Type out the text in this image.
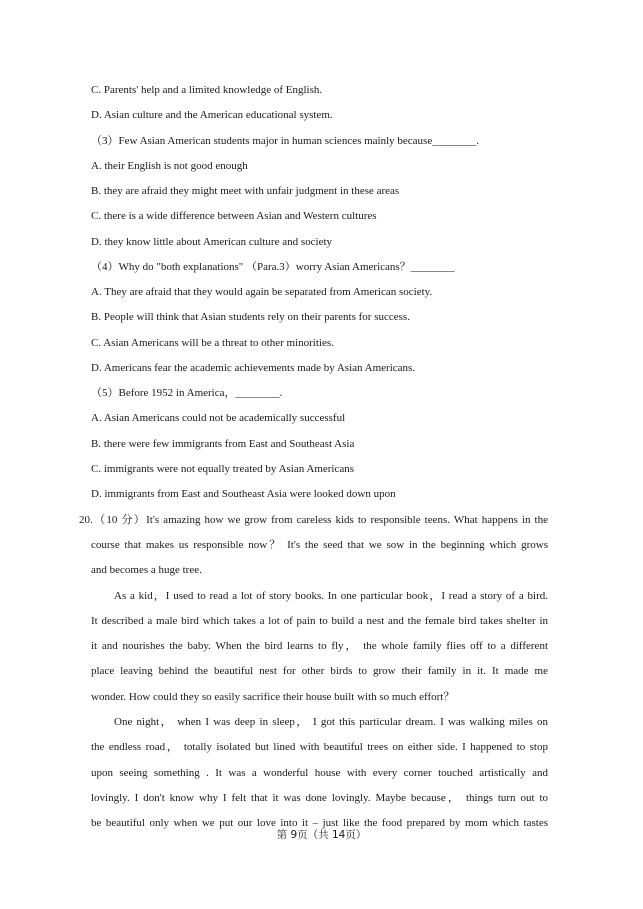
C. Parents' help and a limited knowledge of English.
D. Asian culture and the American educational system.
（3）Few Asian American students major in human sciences mainly because________.
A. their English is not good enough
B. they are afraid they might meet with unfair judgment in these areas
C. there is a wide difference between Asian and Western cultures
D. they know little about American culture and society
（4）Why do "both explanations" （Para.3）worry Asian Americans？________
A. They are afraid that they would again be separated from American society.
B. People will think that Asian students rely on their parents for success.
C. Asian Americans will be a threat to other minorities.
D. Americans fear the academic achievements made by Asian Americans.
（5）Before 1952 in America，________.
A. Asian Americans could not be academically successful
B. there were few immigrants from East and Southeast Asia
C. immigrants were not equally treated by Asian Americans
D. immigrants from East and Southeast Asia were looked down upon
20.（10 分）It's amazing how we grow from careless kids to responsible teens. What happens in the
course that makes us responsible now？ It's the seed that we sow in the beginning which grows
and becomes a huge tree.
As a kid，I used to read a lot of story books. In one particular book，I read a story of a bird.
It described a male bird which takes a lot of pain to build a nest and the female bird takes shelter in
it and nourishes the baby. When the bird learns to fly， the whole family flies off to a different
place leaving behind the beautiful nest for other birds to grow their family in it. It made me
wonder. How could they so easily sacrifice their house built with so much effort？
One night， when I was deep in sleep， I got this particular dream. I was walking miles on
the endless road， totally isolated but lined with beautiful trees on either side. I happened to stop
upon seeing something . It was a wonderful house with every corner touched artistically and
lovingly. I don't know why I felt that it was done lovingly. Maybe because， things turn out to
be beautiful only when we put our love into it – just like the food prepared by mom which tastes
第 9页（共 14页）
